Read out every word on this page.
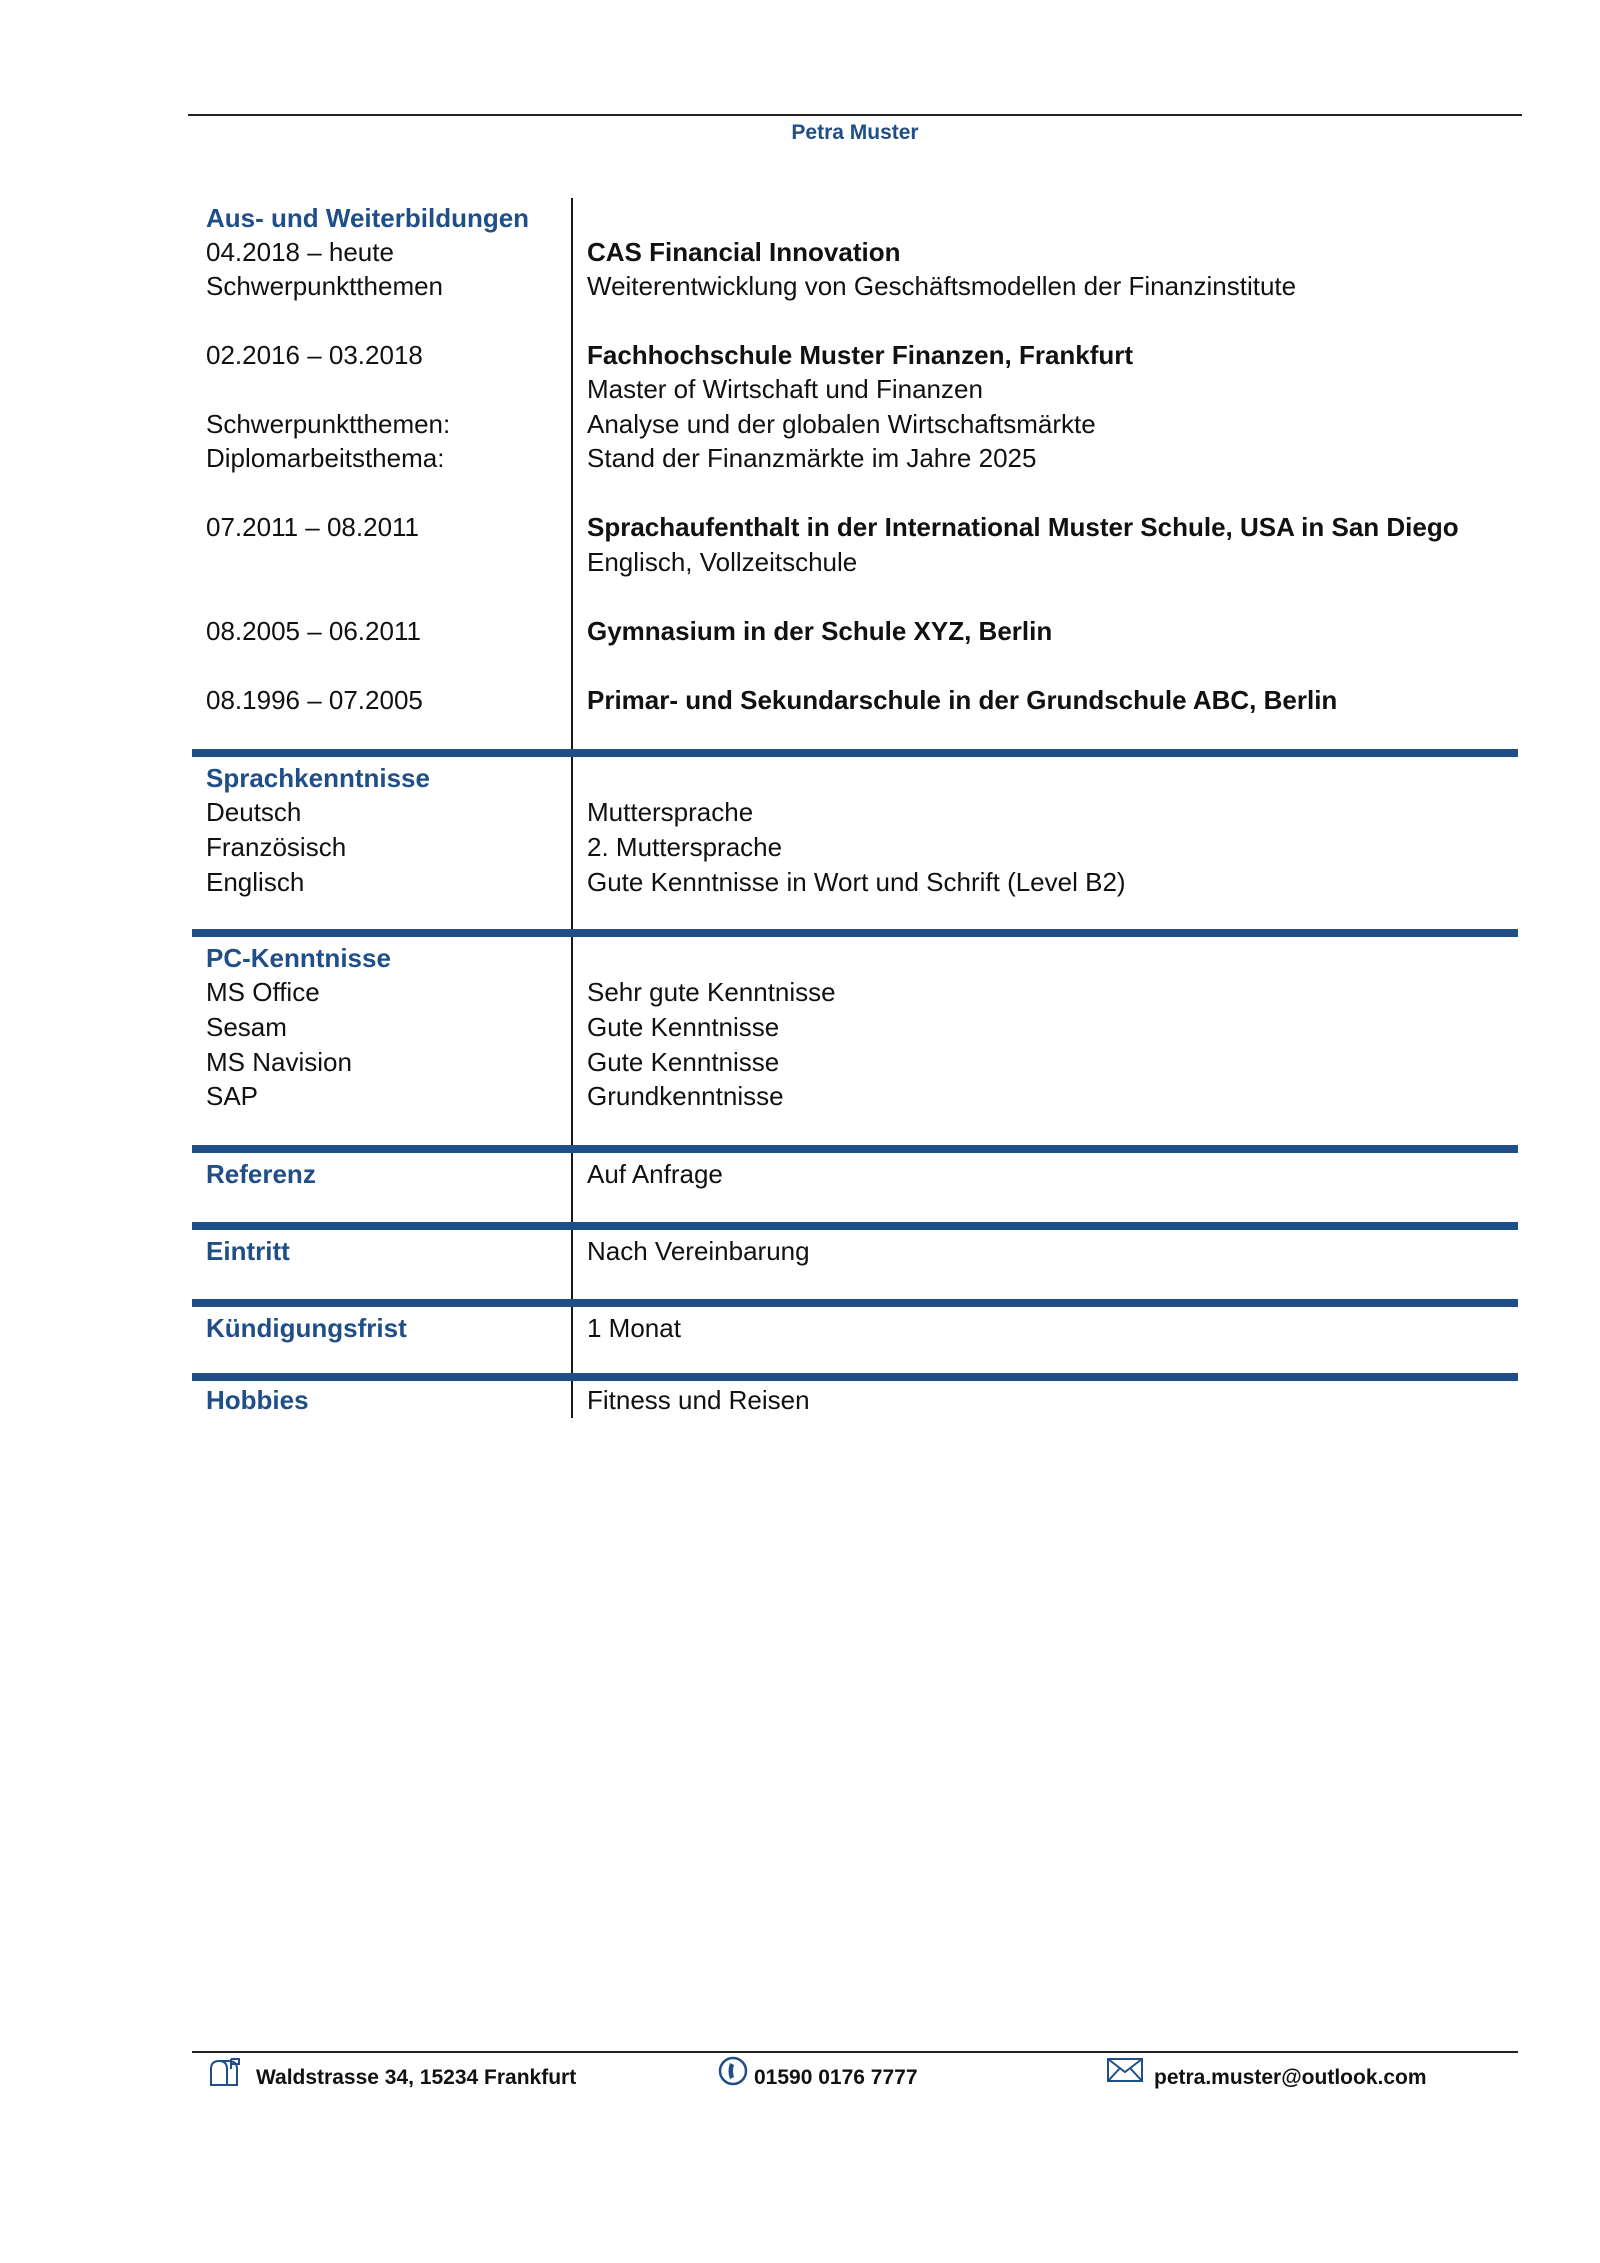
Petra Muster
Aus- und Weiterbildungen
04.2018 – heute	CAS Financial Innovation
Schwerpunktthemen	Weiterentwicklung von Geschäftsmodellen der Finanzinstitute
02.2016 – 03.2018	Fachhochschule Muster Finanzen, Frankfurt
Master of Wirtschaft und Finanzen
Schwerpunktthemen:	Analyse und der globalen Wirtschaftsmärkte
Diplomarbeitsthema:	Stand der Finanzmärkte im Jahre 2025
07.2011 – 08.2011	Sprachaufenthalt in der International Muster Schule, USA in San Diego
Englisch, Vollzeitschule
08.2005 – 06.2011	Gymnasium in der Schule XYZ, Berlin
08.1996 – 07.2005	Primar- und Sekundarschule in der Grundschule ABC, Berlin
Sprachkenntnisse
Deutsch	Muttersprache
Französisch	2. Muttersprache
Englisch	Gute Kenntnisse in Wort und Schrift (Level B2)
PC-Kenntnisse
MS Office	Sehr gute Kenntnisse
Sesam	Gute Kenntnisse
MS Navision	Gute Kenntnisse
SAP	Grundkenntnisse
Referenz	Auf Anfrage
Eintritt	Nach Vereinbarung
Kündigungsfrist	1 Monat
Hobbies	Fitness und Reisen
Waldstrasse 34, 15234 Frankfurt	01590 0176 7777	petra.muster@outlook.com
